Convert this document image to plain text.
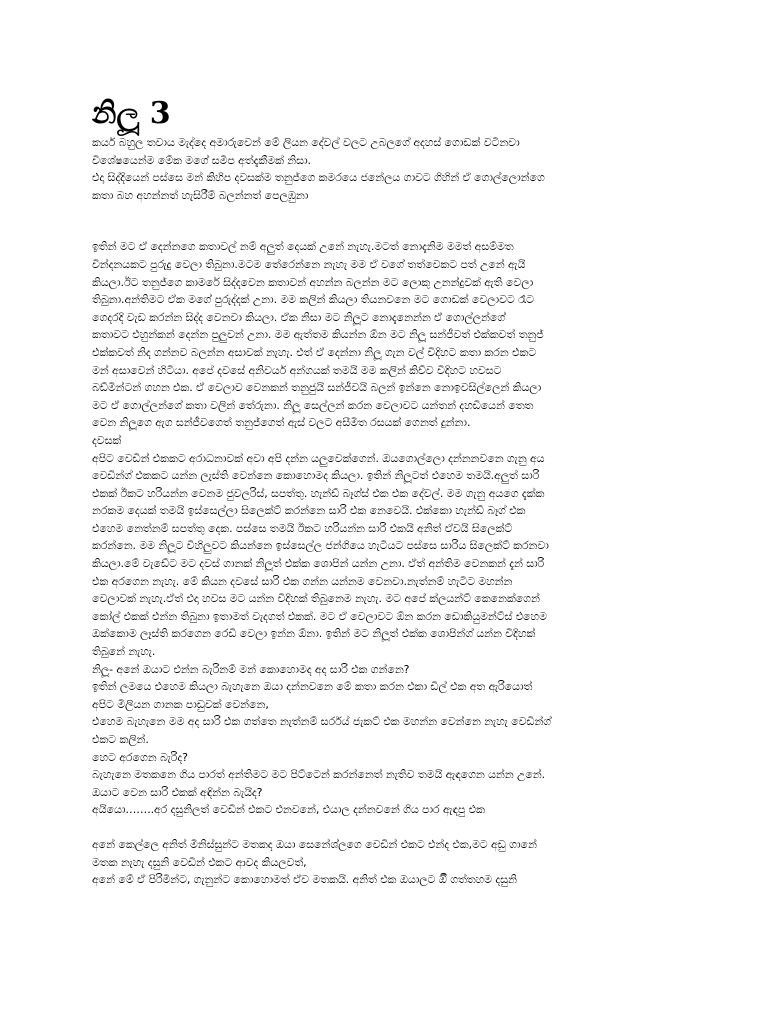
නිලූ 3
කර්ය බහුල තවාය මැද්දෙ අමාරුවෙන් මේ ලියන දේවල් වලට උබලගේ අදහස් ගොඩක් වටිනවා
විශේෂයෙන්ම මේක මගේ සමීප අත්දැකීමක් නිසා.
එදා සිද්දියෙන් පස්සෙ මන් කිහිප දවසක්ම තනුජ්ගෙ කමරයෙ ජනේලය ගාවට ගිහින් ඒ ගොල්ලොන්ගෙ
කතා බහ අහන්නත් හැසිරීම් බලන්නත් පෙලඹුනා
ඉතින් මට ඒ දෙන්නගෙ කතාවල් නම් අලුත් දෙයක් උනේ නැහැ.මටත් නොදැනිම මමත් අසම්මත
වින්දනයකට පුරුදු වෙලා තිබුනා.මටම තේරෙන්නෙ නැහැ මම ඒ වගේ තත්වෙකට පත් උනේ ඇයි
කියලා.ඊට තනුජ්ගෙ කාමරේ සිද්දවෙන කතාවන් අහන්න බලන්න මට ලොකු උනන්දුවක් ඇති වෙලා
තිබුනා.අන්තිමට ඒක මගේ පුරුද්දක් උනා. මම කලින් කියලා තියනවනෙ මට ගොඩක් වෙලාවට රෑට
ගෙදරදි වැඩ කරන්න සිද්ද වෙනවා කියලා. ඒක නිසා මට නිලූට නොදැනෙන්න ඒ ගොල්ලන්ගේ
කතාවට එහුන්කන් දෙන්න පුලුවන් උනා. මම ඇත්තම කියන්න ඕන මට නිලූ සන්ජීවත් එක්කවත් තනුජ්
එක්කවත් නිද ගන්නව බලන්න අසාවක් නැහැ. එත් ඒ දෙන්නා නිලූ ගැන වල් විදිහට කතා කරන එකට
මන් අසාවෙන් හිටියා. අපේ දවසේ අනිවර්ය අන්ගයක් තමයි මම කලින් කිව්ව විදිහට හවසට
බඩ්මින්ටන් ගහන එක. ඒ වෙලාව වෙනකන් තනුජුයි සන්ජීවයි බලන් ඉන්නෙ නොඉවසිල්ලෙන් කියලා
මට ඒ ගොල්ලන්ගේ කතා වලින් තේරුනා. නිලූ සෙල්ලන් කරන වෙලාවට යන්තන් දහඩියෙන් තෙත
වෙන නිලූගෙ ඇග සන්ජීවගෙත් තනුජ්ගෙත් ඇස් වලට අසීමිත රසයක් ගෙනත් දුන්නා.
දවසක්
අපිට වෙඩින් එකකට අරාධනාවක් අවා අපි දන්න යලුවෙක්ගෙන්. ඔයගොල්ලො දන්නනවනෙ ගැනු අය
වෙඩින්ග් එකකට යන්න ලැස්ති වෙන්නෙ කොහොමද කියලා. ඉතින් නිලූටත් එහෙම තමයි.අලුත් සාරි
එකක් ඊකට හරියන්න වෙනම ජුවලරිස්, සපත්තු. හැන්ඩ් බෑග්ස් එක එක දේවල්. මම ගැනු අයගෙ දැක්ක
නරකම දෙයක් තමයි ඉස්සෙල්ලා සිලෙක්ට් කරන්නෙ සාරි එක නෙවෙයි. එක්කො හැන්ඩ් බෑග් එක
එහෙම නෙත්නම් සපත්තු දෙක. පස්සෙ තමයි ඊකට හරියන්න සාරි එකයි අනිත් ඒවයි සිලෙක්ට්
කරන්නෙ. මම නිලූට විහිලුවට කියන්නෙ ඉස්සෙල්ල ජන්ගියෙ හැටියට පස්සෙ සාරිය සිලෙක්ට් කරනවා
කියලා.මේ වැඩේට මට දවස් ගානක් නිලූත් එක්ක ශොපින් යන්න උනා. ඒත් අන්තිම වෙනකන් දැන් සාරි
එක අරගෙන නැහැ. මේ කියන දවසේ සාරි එක ගන්න යන්නම වෙනවා.නැත්නම් හැටිට මහන්න
වෙලාවක් නැහැ.ඒත් එදා හවස මට යන්න විදිහක් තිබුනෙම නැහැ. මට අපේ ක්ලයන්ට් කෙනෙක්ගෙන්
කෝල් එකක් එන්න තිබුනා ඉතාමත් වැදගත් එකක්. මට ඒ වෙලාවට ඕන කරන ඩොකියුමන්ට්ස් එහෙම
ඔක්කොම ලෑස්ති කරගෙන රෙඩි වෙලා ඉන්න ඕනා. ඉතින් මට නිලූත් එක්ක ශොපින්ග් යන්න විදිහක්
තිබුනේ නැහැ.
නිලූ- අනේ ඔයාට එන්න බැරිනම් මන් කොහොමද අද සාරි එක ගන්නෙ?
ඉතින් ලමයෙ එහෙම කියලා බැහැනෙ ඔයා දන්නවනෙ මේ කතා කරන එකා ඩීල් එක අත ඇරියොත්
අපිට මිලියන ගානක පාඩුවක් වෙන්නෙ,
එහෙම බැහැනෙ මම අද සාරි එක ගත්තෙ නැත්නම් සර්රය් ජැකට් එක මහන්න වෙන්නෙ නැහැ වෙඩින්ග්
එකට කලින්.
හෙට අරගෙන බැරිද?
බැහැනෙ මතකනෙ ගිය පාරත් අන්තිමට මට පිට්ටෙන් කරන්නෙත් නැතිව තමයි ඇඳගෙන යන්න උනේ.
ඔයාට වෙන සාරි එකක් අඳින්න බැයිද?
අයියො……..අර දසුනිලත් වෙඩින් එකට එනවනේ, එයාල දන්නවනේ ගිය පාර ඇඳපු එක
අනේ කෙල්ලෙ අනිත් මිනිස්සුන්ට මතකද ඔයා සෙනේශ්ලගෙ වෙඩින් එකට එන්ද එක,මට අඩු ගානේ
මතක නැහැ දසුනි වෙඩින් එකට ආවද කියලවත්,
අනේ මේ ඒ පිරිමින්ට, ගැනුන්ට කොහොමත් ඒව මතකයි. අනිත් එක ඔයාලට ඕී ගත්තහම දසුනි
